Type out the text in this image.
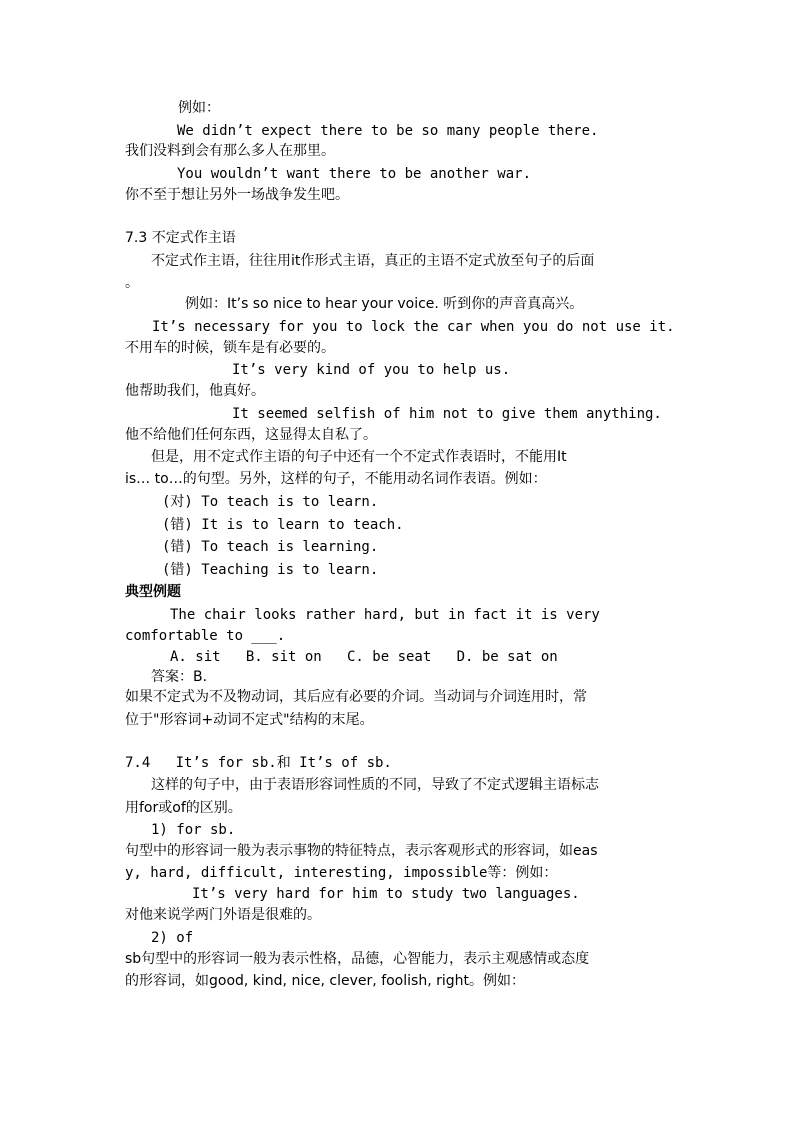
例如：
We didn’t expect there to be so many people there.
我们没料到会有那么多人在那里。
You wouldn’t want there to be another war.
你不至于想让另外一场战争发生吧。
7.3 不定式作主语
不定式作主语，往往用it作形式主语，真正的主语不定式放至句子的后面
。
例如：It’s so nice to hear your voice. 听到你的声音真高兴。
It’s necessary for you to lock the car when you do not use it.
不用车的时候，锁车是有必要的。
It’s very kind of you to help us.
他帮助我们，他真好。
It seemed selfish of him not to give them anything.
他不给他们任何东西，这显得太自私了。
但是，用不定式作主语的句子中还有一个不定式作表语时，不能用It
is… to…的句型。另外，这样的句子，不能用动名词作表语。例如：
(对) To teach is to learn.
(错) It is to learn to teach.
(错) To teach is learning.
(错) Teaching is to learn.
典型例题
The chair looks rather hard, but in fact it is very
comfortable to ___.
A. sit   B. sit on   C. be seat   D. be sat on
答案：B.
如果不定式为不及物动词，其后应有必要的介词。当动词与介词连用时，常
位于"形容词+动词不定式"结构的末尾。
7.4   It’s for sb.和 It’s of sb.
这样的句子中，由于表语形容词性质的不同，导致了不定式逻辑主语标志
用for或of的区别。
1) for sb.
句型中的形容词一般为表示事物的特征特点，表示客观形式的形容词，如eas
y, hard, difficult, interesting, impossible等：例如：
It’s very hard for him to study two languages.
对他来说学两门外语是很难的。
2) of
sb句型中的形容词一般为表示性格，品德，心智能力，表示主观感情或态度
的形容词，如good, kind, nice, clever, foolish, right。例如：
